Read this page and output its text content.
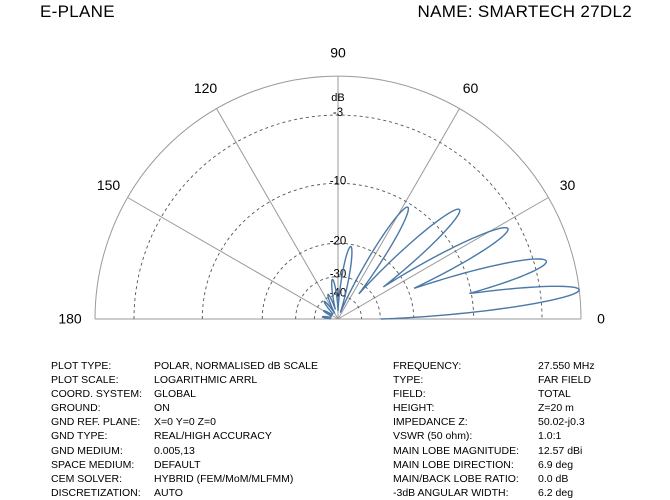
E-PLANE	NAME: SMARTECH 27DL2
0
30
60
90
120
150
180
dB
-3
-10
-20
-30
-40
PLOT TYPE:	POLAR, NORMALISED dB SCALE
PLOT SCALE:	LOGARITHMIC ARRL
COORD. SYSTEM: GLOBAL
GROUND:	ON
GND REF. PLANE: X=0 Y=0 Z=0
GND TYPE:	REAL/HIGH ACCURACY
GND MEDIUM:	0.005,13
SPACE MEDIUM: DEFAULT
CEM SOLVER:	HYBRID (FEM/MoM/MLFMM)
DISCRETIZATION: AUTO
FREQUENCY:	27.550 MHz
TYPE:	FAR FIELD
FIELD:	TOTAL
HEIGHT:	Z=20 m
IMPEDANCE Z:	50.02-j0.3
VSWR (50 ohm):	1.0:1
MAIN LOBE MAGNITUDE: 12.57 dBi
MAIN LOBE DIRECTION: 6.9 deg
MAIN/BACK LOBE RATIO: 0.0 dB
-3dB ANGULAR WIDTH:	6.2 deg
